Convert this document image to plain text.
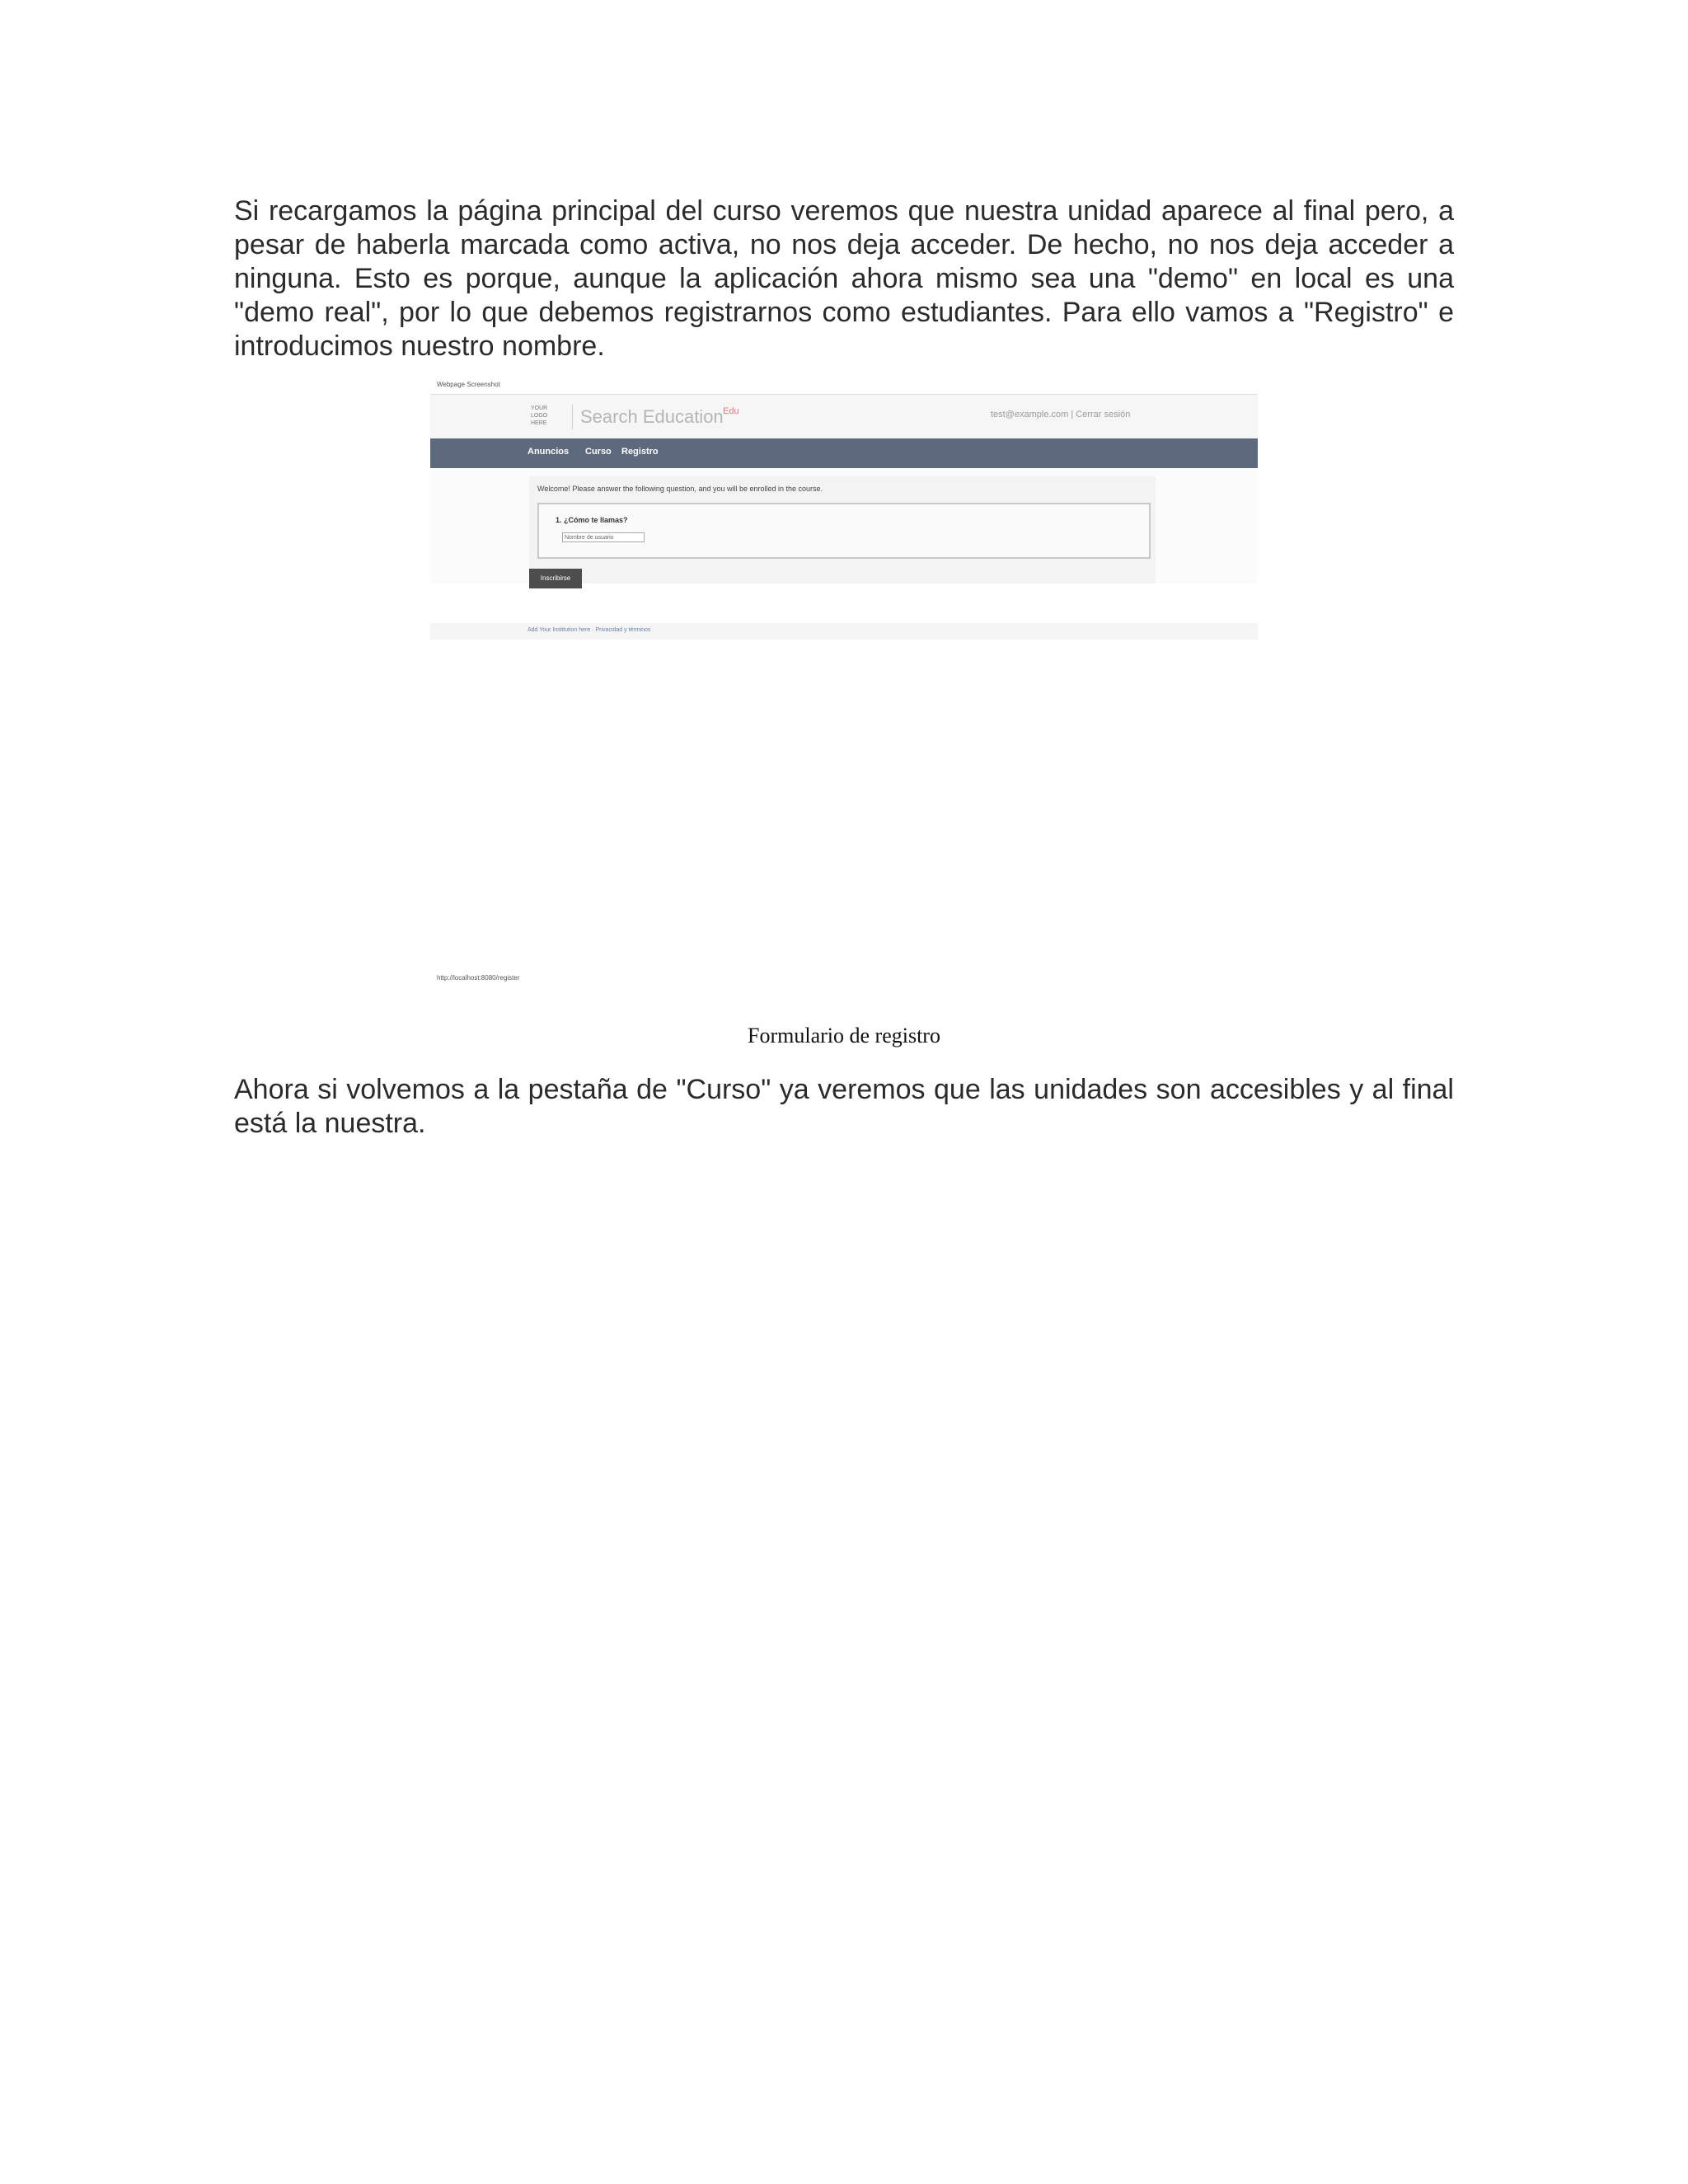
Si recargamos la página principal del curso veremos que nuestra unidad aparece al final pero, a pesar de haberla marcada como activa, no nos deja acceder. De hecho, no nos deja acceder a ninguna. Esto es porque, aunque la aplicación ahora mismo sea una "demo" en local es una "demo real", por lo que debemos registrarnos como estudiantes. Para ello vamos a "Registro" e introducimos nuestro nombre.

Webpage Screenshot
YOUR LOGO HERE	Search Education Edu	test@example.com | Cerrar sesión
Anuncios Curso Registro
Welcome! Please answer the following question, and you will be enrolled in the course.
1. ¿Cómo te llamas?
Nombre de usuario
Inscribirse
Add Your Institution here · Privacidad y términos
http://localhost:8080/register
Formulario de registro

Ahora si volvemos a la pestaña de "Curso" ya veremos que las unidades son accesibles y al final está la nuestra.
